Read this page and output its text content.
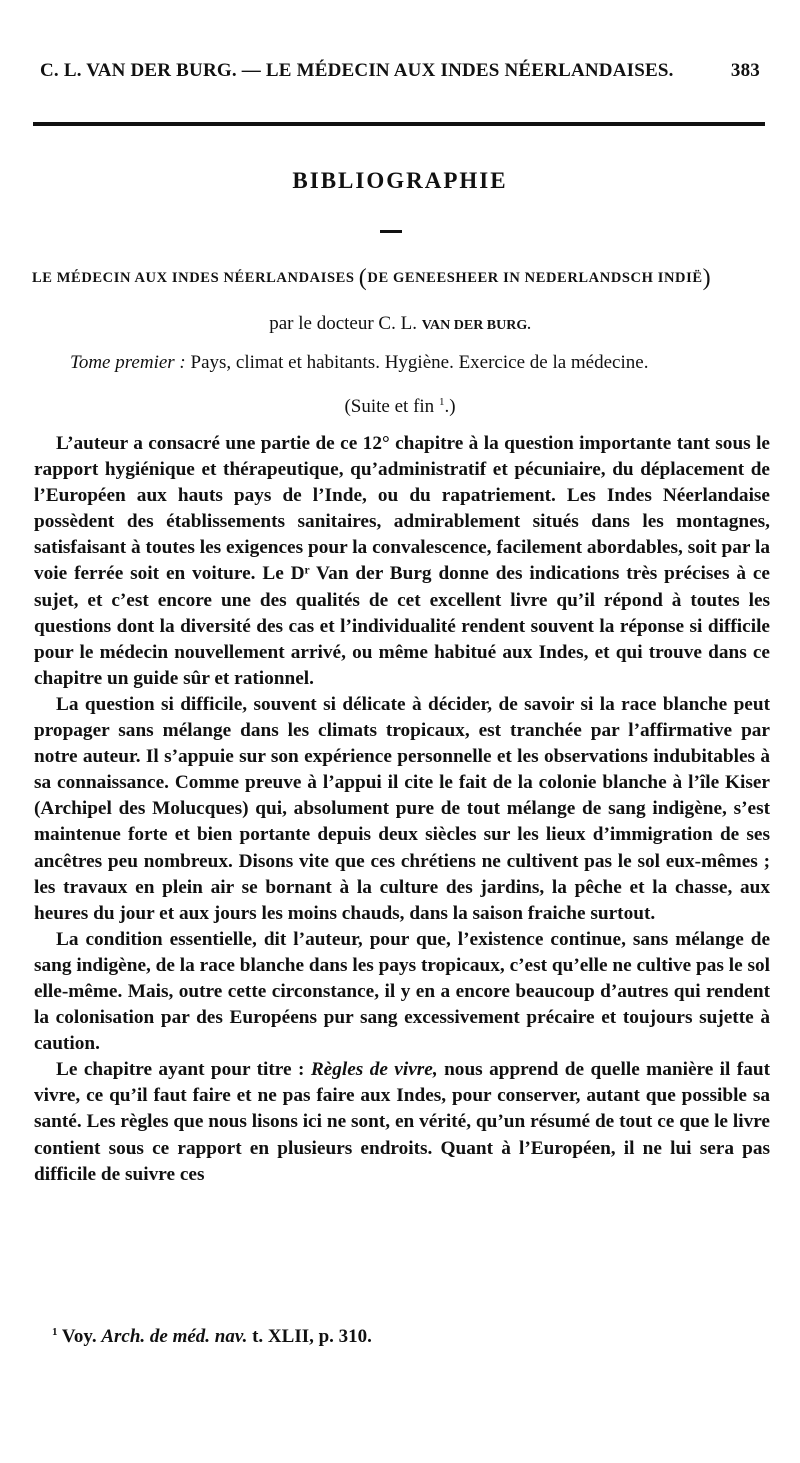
C. L. VAN DER BURG. — LE MÉDECIN AUX INDES NÉERLANDAISES.	383
BIBLIOGRAPHIE
LE MÉDECIN AUX INDES NÉERLANDAISES (DE GENEESHEER IN NEDERLANDSCH INDIË)
par le docteur C. L. VAN DER BURG.
Tome premier : Pays, climat et habitants. Hygiène. Exercice de la médecine.
(Suite et fin $^1$.)

L’auteur a consacré une partie de ce 12° chapitre à la question importante tant sous le rapport hygiénique et thérapeutique, qu’administratif et pécuniaire, du déplacement de l’Européen aux hauts pays de l’Inde, ou du rapatriement. Les Indes Néerlandaise possèdent des établissements sanitaires, admirablement situés dans les montagnes, satisfaisant à toutes les exigences pour la convalescence, facilement abordables, soit par la voie ferrée soit en voiture. Le Dʳ Van der Burg donne des indications très précises à ce sujet, et c’est encore une des qualités de cet excellent livre qu’il répond à toutes les questions dont la diversité des cas et l’individualité rendent souvent la réponse si difficile pour le médecin nouvellement arrivé, ou même habitué aux Indes, et qui trouve dans ce chapitre un guide sûr et rationnel.

La question si difficile, souvent si délicate à décider, de savoir si la race blanche peut propager sans mélange dans les climats tropicaux, est tranchée par l’affirmative par notre auteur. Il s’appuie sur son expérience personnelle et les observations indubitables à sa connaissance. Comme preuve à l’appui il cite le fait de la colonie blanche à l’île Kiser (Archipel des Molucques) qui, absolument pure de tout mélange de sang indigène, s’est maintenue forte et bien portante depuis deux siècles sur les lieux d’immigration de ses ancêtres peu nombreux. Disons vite que ces chrétiens ne cultivent pas le sol eux-mêmes ; les travaux en plein air se bornant à la culture des jardins, la pêche et la chasse, aux heures du jour et aux jours les moins chauds, dans la saison fraiche surtout.

La condition essentielle, dit l’auteur, pour que, l’existence continue, sans mélange de sang indigène, de la race blanche dans les pays tropicaux, c’est qu’elle ne cultive pas le sol elle-même. Mais, outre cette circonstance, il y en a encore beaucoup d’autres qui rendent la colonisation par des Européens pur sang excessivement précaire et toujours sujette à caution.

Le chapitre ayant pour titre : Règles de vivre, nous apprend de quelle manière il faut vivre, ce qu’il faut faire et ne pas faire aux Indes, pour conserver, autant que possible sa santé. Les règles que nous lisons ici ne sont, en vérité, qu’un résumé de tout ce que le livre contient sous ce rapport en plusieurs endroits. Quant à l’Européen, il ne lui sera pas difficile de suivre ces

$^1$ Voy. Arch. de méd. nav. t. XLII, p. 310.
